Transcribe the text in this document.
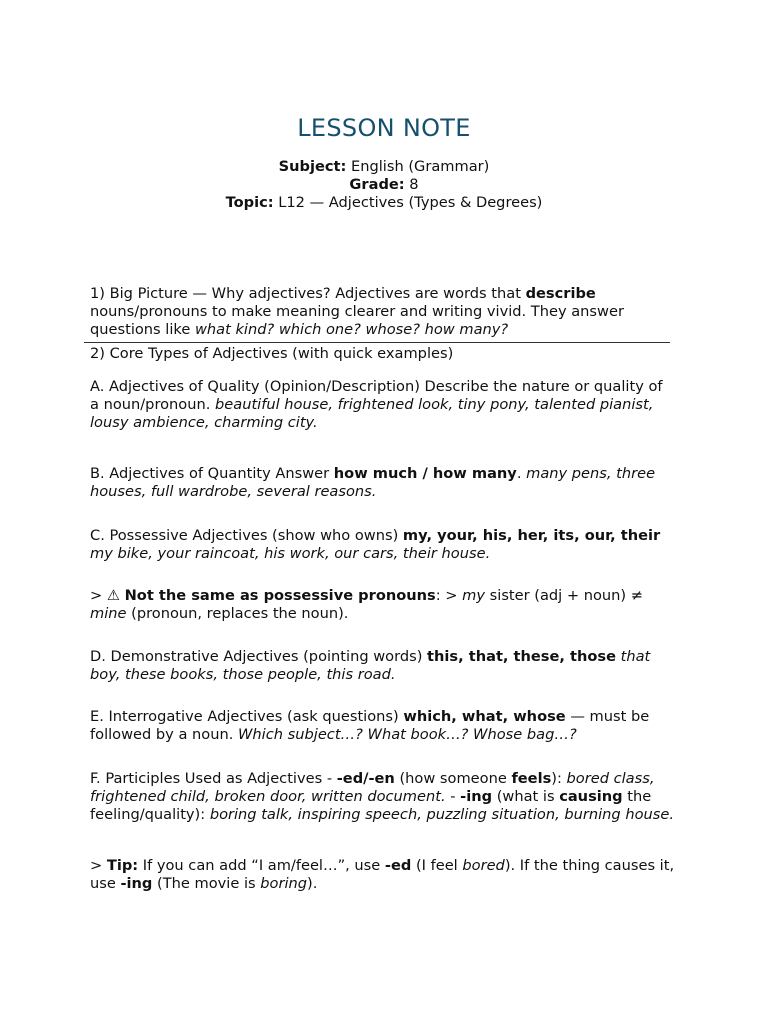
LESSON NOTE
Subject: English (Grammar)
Grade: 8
Topic: L12 — Adjectives (Types & Degrees)
1) Big Picture — Why adjectives? Adjectives are words that describe nouns/pronouns to make meaning clearer and writing vivid. They answer questions like what kind? which one? whose? how many?
2) Core Types of Adjectives (with quick examples)
A. Adjectives of Quality (Opinion/Description) Describe the nature or quality of a noun/pronoun. beautiful house, frightened look, tiny pony, talented pianist, lousy ambience, charming city.
B. Adjectives of Quantity Answer how much / how many. many pens, three houses, full wardrobe, several reasons.
C. Possessive Adjectives (show who owns) my, your, his, her, its, our, their my bike, your raincoat, his work, our cars, their house.
> ⚠ Not the same as possessive pronouns: > my sister (adj + noun) ≠ mine (pronoun, replaces the noun).
D. Demonstrative Adjectives (pointing words) this, that, these, those that boy, these books, those people, this road.
E. Interrogative Adjectives (ask questions) which, what, whose — must be followed by a noun. Which subject…? What book…? Whose bag…?
F. Participles Used as Adjectives - -ed/-en (how someone feels): bored class, frightened child, broken door, written document. - -ing (what is causing the feeling/quality): boring talk, inspiring speech, puzzling situation, burning house.
> Tip: If you can add “I am/feel…”, use -ed (I feel bored). If the thing causes it, use -ing (The movie is boring).
